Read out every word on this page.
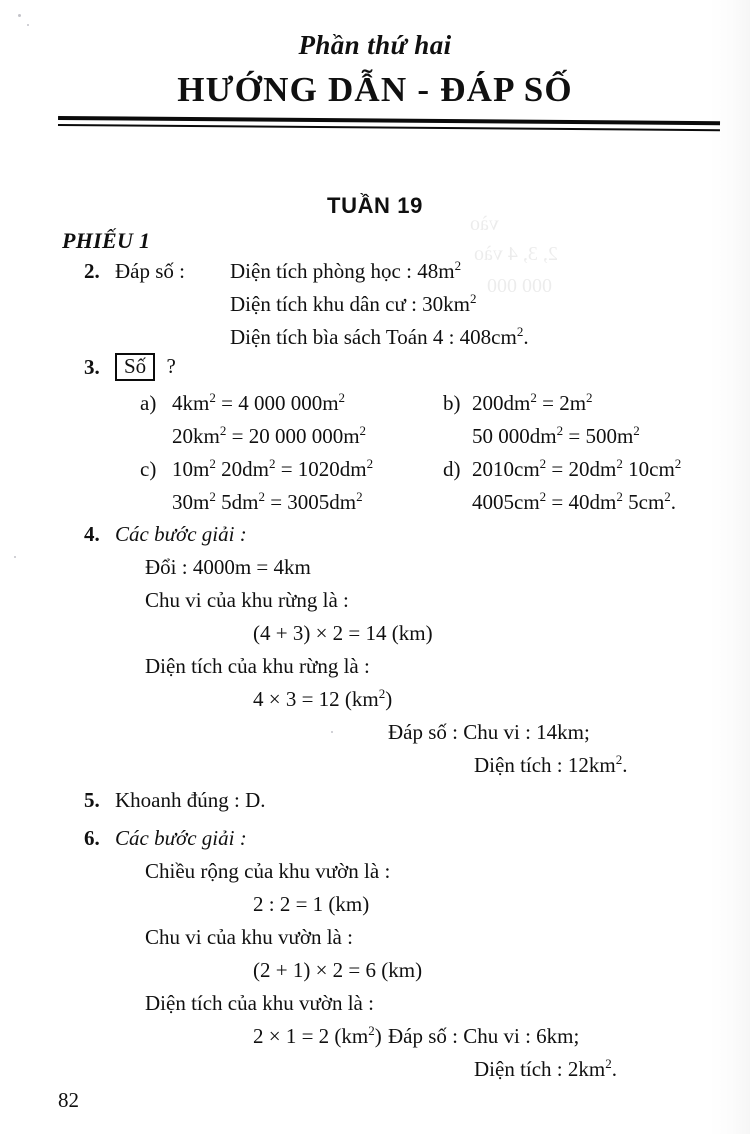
vào
2, 3, 4 vào
000 000
Phần thứ hai
HƯỚNG DẪN - ĐÁP SỐ
TUẦN 19
PHIẾU 1
2. Đáp số : Diện tích phòng học : $48m^2$
Diện tích khu dân cư : $30km^2$
Diện tích bìa sách Toán 4 : $408cm^2$.
3.	Số ?
a) $4km^2 = 4$ 000 $000m^2$
$20km^2 = 20$ 000 $000m^2$
b) $200dm^2 = 2m^2$
50 $000dm^2 = 500m^2$
c) $10m^2$ $20dm^2 = 1020dm^2$
$30m^2$ $5dm^2 = 3005dm^2$
d) $2010cm^2 = 20dm^2$ $10cm^2$
$4005cm^2 = 40dm^2$ $5cm^2$.
4. Các bước giải :
Đổi : 4000m = 4km
Chu vi của khu rừng là :
(4 + 3) × 2 = 14 (km)
Diện tích của khu rừng là :
4 × 3 = 12 $(km^2)$
Đáp số : Chu vi : 14km;
Diện tích : $12km^2$.
5. Khoanh đúng : D.
6. Các bước giải :
Chiều rộng của khu vườn là :
2 : 2 = 1 (km)
Chu vi của khu vườn là :
(2 + 1) × 2 = 6 (km)
Diện tích của khu vườn là :
2 × 1 = 2 $(km^2)$ Đáp số : Chu vi : 6km;
Diện tích : $2km^2$.
82
